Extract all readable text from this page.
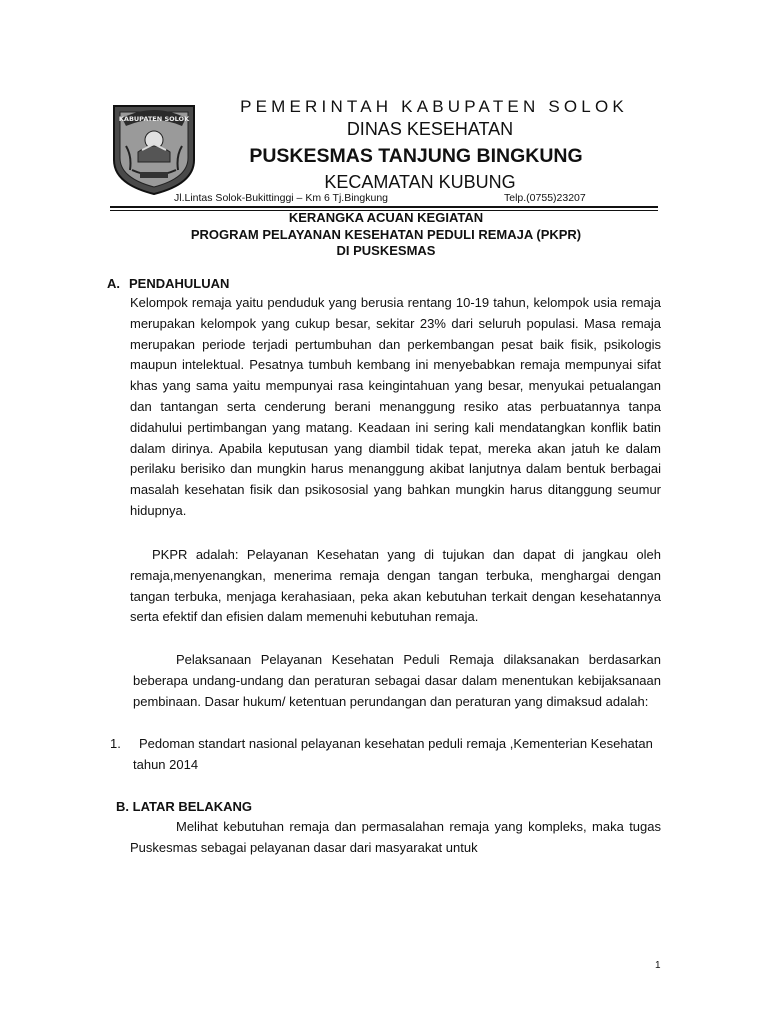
KABUPATEN SOLOK
PEMERINTAH KABUPATEN SOLOK
DINAS KESEHATAN
PUSKESMAS TANJUNG BINGKUNG
KECAMATAN KUBUNG
Jl.Lintas Solok-Bukittinggi – Km 6 Tj.Bingkung	Telp.(0755)23207
KERANGKA ACUAN KEGIATAN
PROGRAM PELAYANAN KESEHATAN PEDULI REMAJA (PKPR)
DI PUSKESMAS
A. PENDAHULUAN
Kelompok remaja yaitu penduduk yang berusia rentang 10-19 tahun, kelompok usia remaja merupakan kelompok yang cukup besar, sekitar 23% dari seluruh populasi. Masa remaja merupakan periode terjadi pertumbuhan dan perkembangan pesat baik fisik, psikologis maupun intelektual. Pesatnya tumbuh kembang ini menyebabkan remaja mempunyai sifat khas yang sama yaitu mempunyai rasa keingintahuan yang besar, menyukai petualangan dan tantangan serta cenderung berani menanggung resiko atas perbuatannya tanpa didahului pertimbangan yang matang. Keadaan ini sering kali mendatangkan konflik batin dalam dirinya. Apabila keputusan yang diambil tidak tepat, mereka akan jatuh ke dalam perilaku berisiko dan mungkin harus menanggung akibat lanjutnya dalam bentuk berbagai masalah kesehatan fisik dan psikososial yang bahkan mungkin harus ditanggung seumur hidupnya.
PKPR adalah: Pelayanan Kesehatan yang di tujukan dan dapat di jangkau oleh remaja,menyenangkan, menerima remaja dengan tangan terbuka, menghargai dengan tangan terbuka, menjaga kerahasiaan, peka akan kebutuhan terkait dengan kesehatannya serta efektif dan efisien dalam memenuhi kebutuhan remaja.
Pelaksanaan Pelayanan Kesehatan Peduli Remaja dilaksanakan berdasarkan beberapa undang-undang dan peraturan sebagai dasar dalam menentukan kebijaksanaan pembinaan. Dasar hukum/ ketentuan perundangan dan peraturan yang dimaksud adalah:
1.	Pedoman standart nasional pelayanan kesehatan peduli remaja ,Kementerian Kesehatan tahun 2014
B. LATAR BELAKANG
Melihat kebutuhan remaja dan permasalahan remaja yang kompleks, maka tugas Puskesmas sebagai pelayanan dasar dari masyarakat untuk
1
